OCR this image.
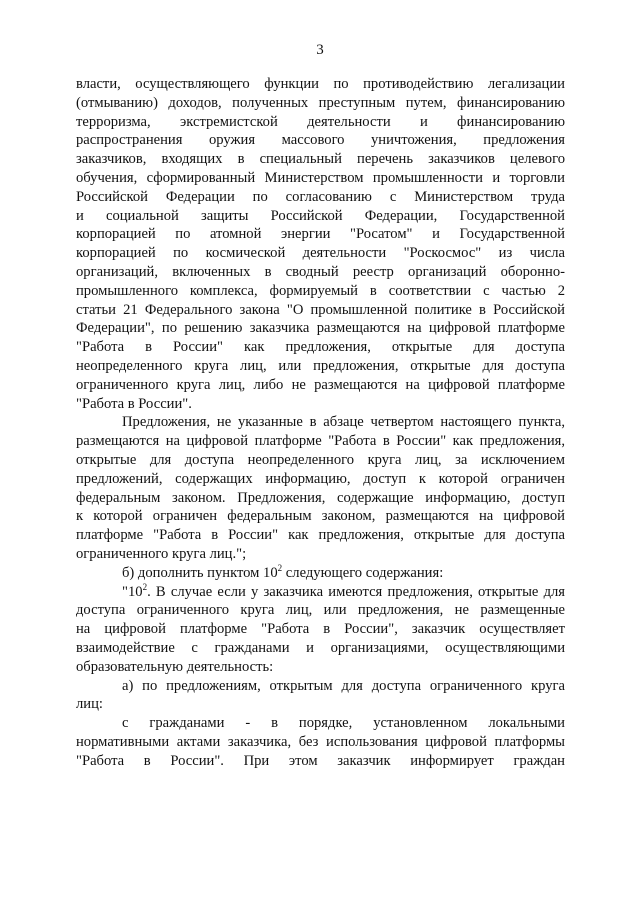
3
власти, осуществляющего функции по противодействию легализации
(отмыванию) доходов, полученных преступным путем, финансированию
терроризма, экстремистской деятельности и финансированию
распространения оружия массового уничтожения, предложения
заказчиков, входящих в специальный перечень заказчиков целевого
обучения, сформированный Министерством промышленности и торговли
Российской Федерации по согласованию с Министерством труда
и социальной защиты Российской Федерации, Государственной
корпорацией по атомной энергии "Росатом" и Государственной
корпорацией по космической деятельности "Роскосмос" из числа
организаций, включенных в сводный реестр организаций оборонно-
промышленного комплекса, формируемый в соответствии с частью 2
статьи 21 Федерального закона "О промышленной политике в Российской
Федерации", по решению заказчика размещаются на цифровой платформе
"Работа в России" как предложения, открытые для доступа
неопределенного круга лиц, или предложения, открытые для доступа
ограниченного круга лиц, либо не размещаются на цифровой платформе
"Работа в России".
Предложения, не указанные в абзаце четвертом настоящего пункта,
размещаются на цифровой платформе "Работа в России" как предложения,
открытые для доступа неопределенного круга лиц, за исключением
предложений, содержащих информацию, доступ к которой ограничен
федеральным законом. Предложения, содержащие информацию, доступ
к которой ограничен федеральным законом, размещаются на цифровой
платформе "Работа в России" как предложения, открытые для доступа
ограниченного круга лиц.";
б) дополнить пунктом $10^2$ следующего содержания:
"$10^2$. В случае если у заказчика имеются предложения, открытые для
доступа ограниченного круга лиц, или предложения, не размещенные
на цифровой платформе "Работа в России", заказчик осуществляет
взаимодействие с гражданами и организациями, осуществляющими
образовательную деятельность:
а) по предложениям, открытым для доступа ограниченного круга
лиц:
с гражданами - в порядке, установленном локальными
нормативными актами заказчика, без использования цифровой платформы
"Работа в России". При этом заказчик информирует граждан
